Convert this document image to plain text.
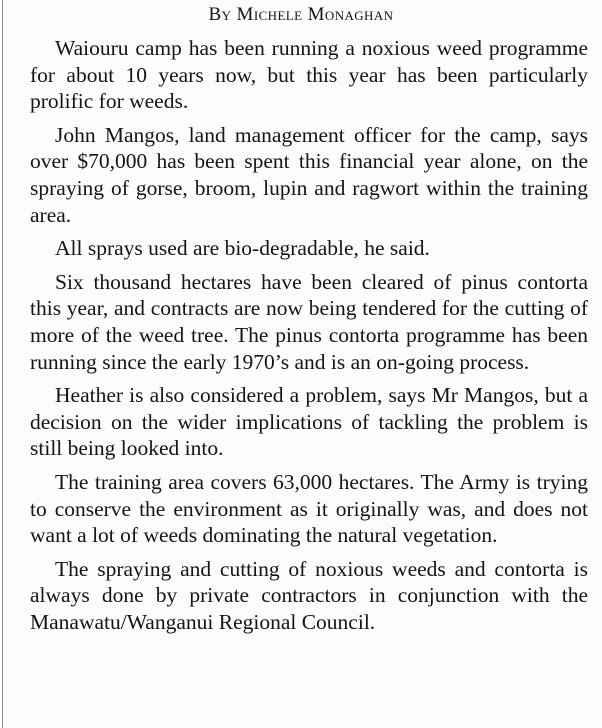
By Michele Monaghan

Waiouru camp has been running a noxious weed programme for about 10 years now, but this year has been particularly prolific for weeds.

John Mangos, land management officer for the camp, says over $70,000 has been spent this financial year alone, on the spraying of gorse, broom, lupin and ragwort within the training area.

All sprays used are bio-degradable, he said.

Six thousand hectares have been cleared of pinus contorta this year, and contracts are now being tendered for the cutting of more of the weed tree. The pinus contorta programme has been running since the early 1970’s and is an on-going process.

Heather is also considered a problem, says Mr Mangos, but a decision on the wider implications of tackling the problem is still being looked into.

The training area covers 63,000 hectares. The Army is trying to conserve the environment as it originally was, and does not want a lot of weeds dominating the natural vegetation.

The spraying and cutting of noxious weeds and contorta is always done by private contractors in conjunction with the Manawatu/Wanganui Regional Council.
